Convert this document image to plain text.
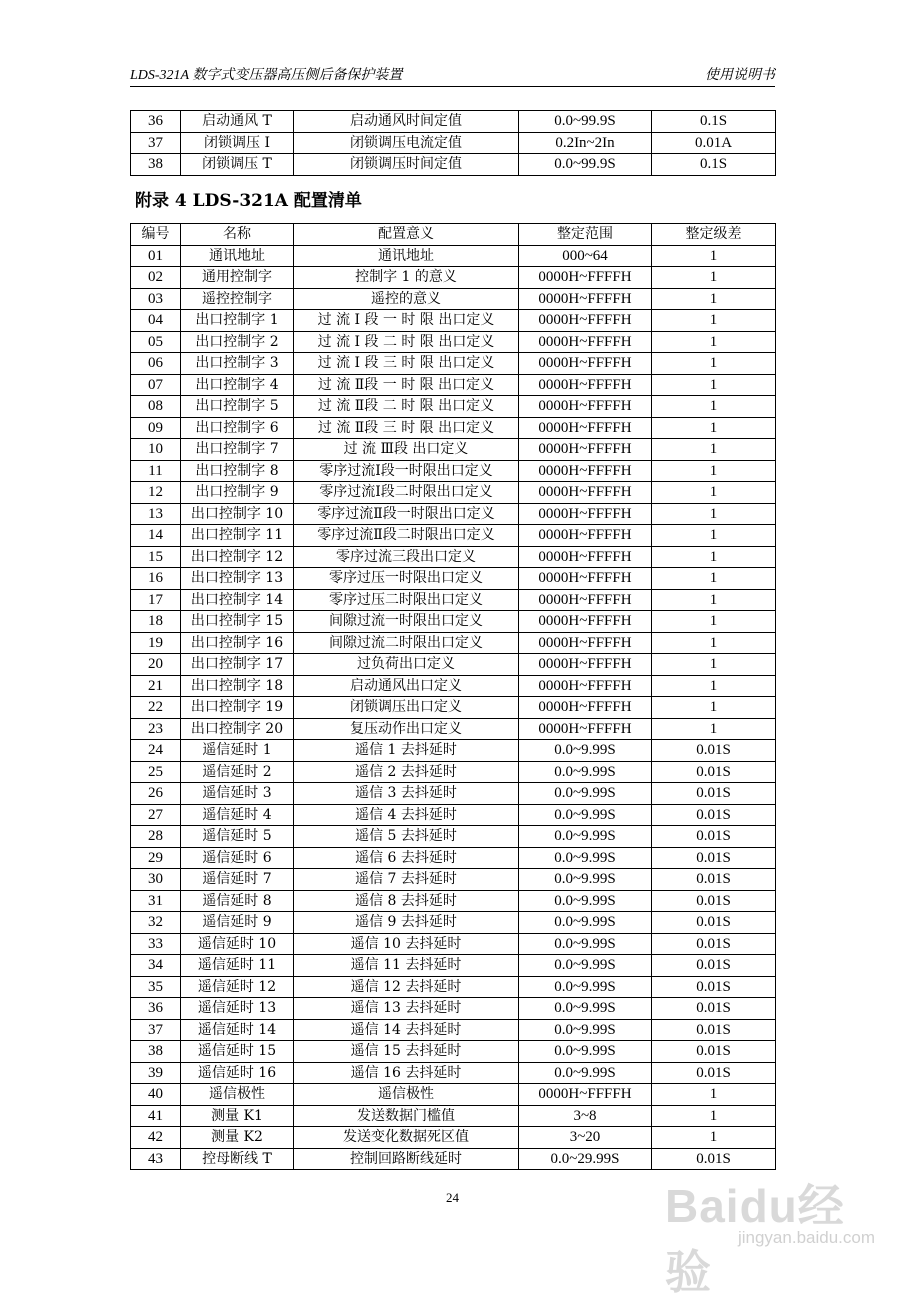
LDS-321A 数字式变压器高压侧后备保护装置	使用说明书
36	启动通风 T	启动通风时间定值	0.0~99.9S	0.1S
37	闭锁调压 I	闭锁调压电流定值	0.2In~2In	0.01A
38	闭锁调压 T	闭锁调压时间定值	0.0~99.9S	0.1S
附录 4 LDS-321A 配置清单
编号	名称	配置意义	整定范围	整定级差
01	通讯地址	通讯地址	000~64	1
02	通用控制字	控制字 1 的意义	0000H~FFFFH	1
03	遥控控制字	遥控的意义	0000H~FFFFH	1
04	出口控制字 1	过 流 Ⅰ 段 一 时 限 出口定义	0000H~FFFFH	1
05	出口控制字 2	过 流 Ⅰ 段 二 时 限 出口定义	0000H~FFFFH	1
06	出口控制字 3	过 流 Ⅰ 段 三 时 限 出口定义	0000H~FFFFH	1
07	出口控制字 4	过 流 Ⅱ段 一 时 限 出口定义	0000H~FFFFH	1
08	出口控制字 5	过 流 Ⅱ段 二 时 限 出口定义	0000H~FFFFH	1
09	出口控制字 6	过 流 Ⅱ段 三 时 限 出口定义	0000H~FFFFH	1
10	出口控制字 7	过 流 Ⅲ段 出口定义	0000H~FFFFH	1
11	出口控制字 8	零序过流Ⅰ段一时限出口定义	0000H~FFFFH	1
12	出口控制字 9	零序过流Ⅰ段二时限出口定义	0000H~FFFFH	1
13	出口控制字 10	零序过流Ⅱ段一时限出口定义	0000H~FFFFH	1
14	出口控制字 11	零序过流Ⅱ段二时限出口定义	0000H~FFFFH	1
15	出口控制字 12	零序过流三段出口定义	0000H~FFFFH	1
16	出口控制字 13	零序过压一时限出口定义	0000H~FFFFH	1
17	出口控制字 14	零序过压二时限出口定义	0000H~FFFFH	1
18	出口控制字 15	间隙过流一时限出口定义	0000H~FFFFH	1
19	出口控制字 16	间隙过流二时限出口定义	0000H~FFFFH	1
20	出口控制字 17	过负荷出口定义	0000H~FFFFH	1
21	出口控制字 18	启动通风出口定义	0000H~FFFFH	1
22	出口控制字 19	闭锁调压出口定义	0000H~FFFFH	1
23	出口控制字 20	复压动作出口定义	0000H~FFFFH	1
24	遥信延时 1	遥信 1 去抖延时	0.0~9.99S	0.01S
25	遥信延时 2	遥信 2 去抖延时	0.0~9.99S	0.01S
26	遥信延时 3	遥信 3 去抖延时	0.0~9.99S	0.01S
27	遥信延时 4	遥信 4 去抖延时	0.0~9.99S	0.01S
28	遥信延时 5	遥信 5 去抖延时	0.0~9.99S	0.01S
29	遥信延时 6	遥信 6 去抖延时	0.0~9.99S	0.01S
30	遥信延时 7	遥信 7 去抖延时	0.0~9.99S	0.01S
31	遥信延时 8	遥信 8 去抖延时	0.0~9.99S	0.01S
32	遥信延时 9	遥信 9 去抖延时	0.0~9.99S	0.01S
33	遥信延时 10	遥信 10 去抖延时	0.0~9.99S	0.01S
34	遥信延时 11	遥信 11 去抖延时	0.0~9.99S	0.01S
35	遥信延时 12	遥信 12 去抖延时	0.0~9.99S	0.01S
36	遥信延时 13	遥信 13 去抖延时	0.0~9.99S	0.01S
37	遥信延时 14	遥信 14 去抖延时	0.0~9.99S	0.01S
38	遥信延时 15	遥信 15 去抖延时	0.0~9.99S	0.01S
39	遥信延时 16	遥信 16 去抖延时	0.0~9.99S	0.01S
40	遥信极性	遥信极性	0000H~FFFFH	1
41	测量 K1	发送数据门槛值	3~8	1
42	测量 K2	发送变化数据死区值	3~20	1
43	控母断线 T	控制回路断线延时	0.0~29.99S	0.01S
24	Baidu经验
jingyan.baidu.com
